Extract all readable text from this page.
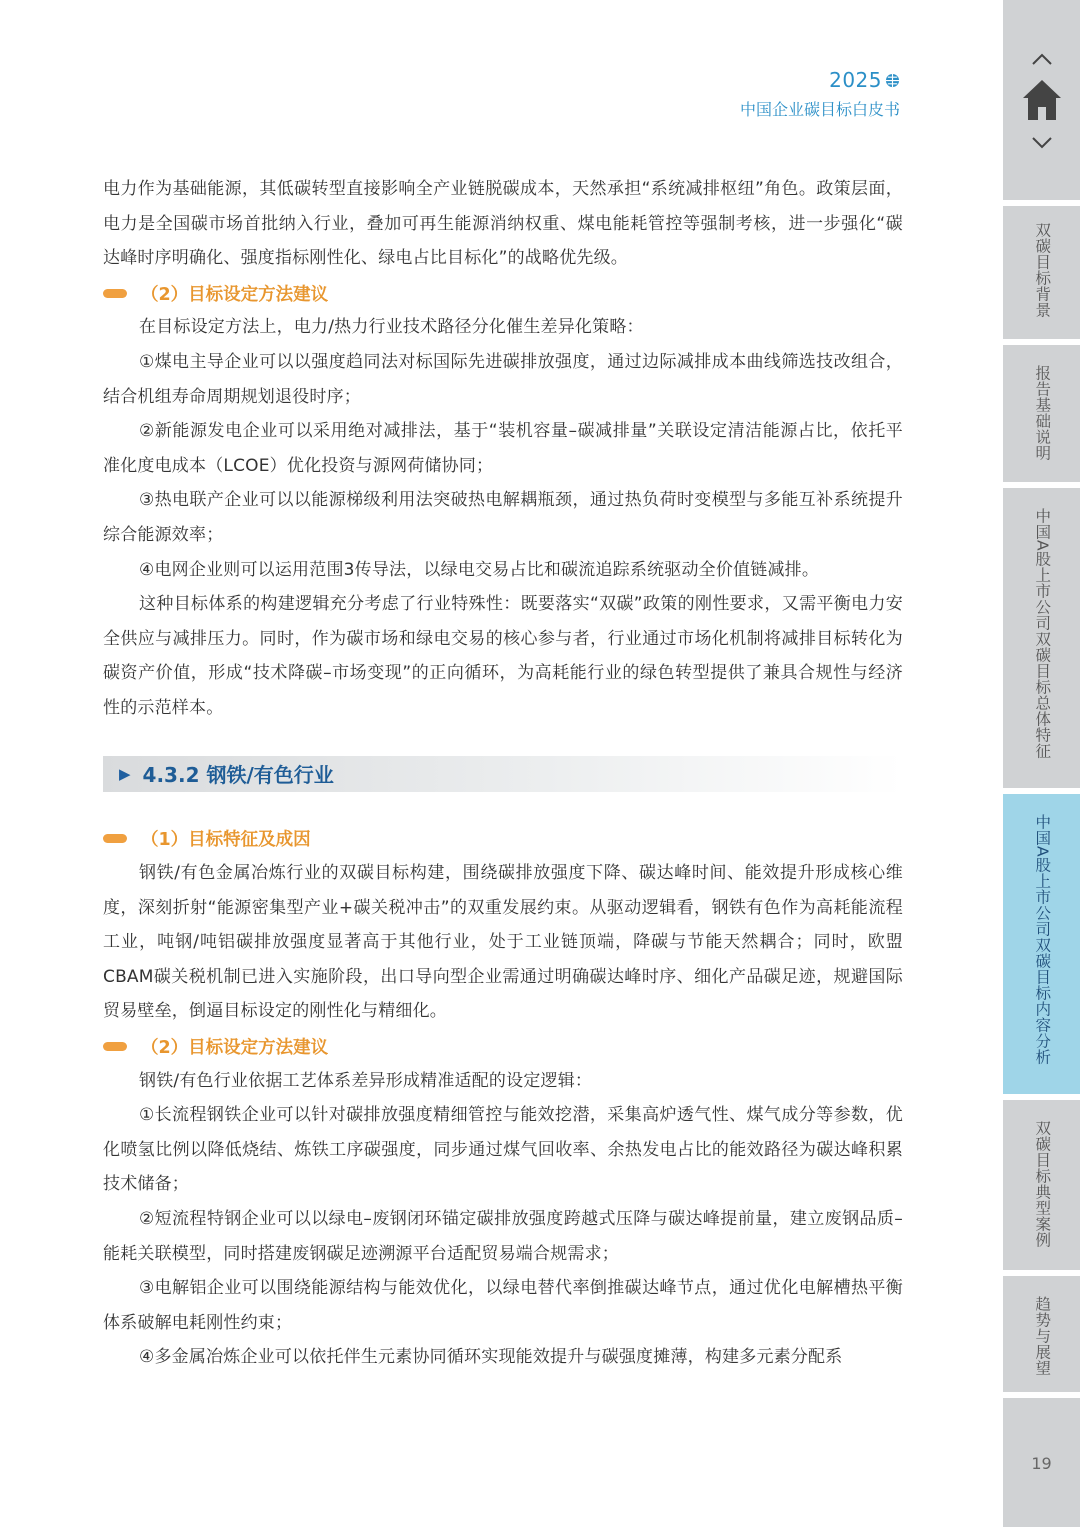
2025
中国企业碳目标白皮书

电力作为基础能源，其低碳转型直接影响全产业链脱碳成本，天然承担“系统减排枢纽”角色。政策层面，电力是全国碳市场首批纳入行业，叠加可再生能源消纳权重、煤电能耗管控等强制考核，进一步强化“碳达峰时序明确化、强度指标刚性化、绿电占比目标化”的战略优先级。

（2）目标设定方法建议

在目标设定方法上，电力/热力行业技术路径分化催生差异化策略：

①煤电主导企业可以以强度趋同法对标国际先进碳排放强度，通过边际减排成本曲线筛选技改组合，结合机组寿命周期规划退役时序；

②新能源发电企业可以采用绝对减排法，基于“装机容量–碳减排量”关联设定清洁能源占比，依托平准化度电成本（LCOE）优化投资与源网荷储协同；

③热电联产企业可以以能源梯级利用法突破热电解耦瓶颈，通过热负荷时变模型与多能互补系统提升综合能源效率；

④电网企业则可以运用范围3传导法，以绿电交易占比和碳流追踪系统驱动全价值链减排。

这种目标体系的构建逻辑充分考虑了行业特殊性：既要落实“双碳”政策的刚性要求，又需平衡电力安全供应与减排压力。同时，作为碳市场和绿电交易的核心参与者，行业通过市场化机制将减排目标转化为碳资产价值，形成“技术降碳–市场变现”的正向循环，为高耗能行业的绿色转型提供了兼具合规性与经济性的示范样本。

▶ 4.3.2 钢铁/有色行业
（1）目标特征及成因

钢铁/有色金属冶炼行业的双碳目标构建，围绕碳排放强度下降、碳达峰时间、能效提升形成核心维度，深刻折射“能源密集型产业+碳关税冲击”的双重发展约束。从驱动逻辑看，钢铁有色作为高耗能流程工业，吨钢/吨铝碳排放强度显著高于其他行业，处于工业链顶端，降碳与节能天然耦合；同时，欧盟CBAM碳关税机制已进入实施阶段，出口导向型企业需通过明确碳达峰时序、细化产品碳足迹，规避国际贸易壁垒，倒逼目标设定的刚性化与精细化。

（2）目标设定方法建议

钢铁/有色行业依据工艺体系差异形成精准适配的设定逻辑：

①长流程钢铁企业可以针对碳排放强度精细管控与能效挖潜，采集高炉透气性、煤气成分等参数，优化喷氢比例以降低烧结、炼铁工序碳强度，同步通过煤气回收率、余热发电占比的能效路径为碳达峰积累技术储备；

②短流程特钢企业可以以绿电–废钢闭环锚定碳排放强度跨越式压降与碳达峰提前量，建立废钢品质–能耗关联模型，同时搭建废钢碳足迹溯源平台适配贸易端合规需求；

③电解铝企业可以围绕能源结构与能效优化，以绿电替代率倒推碳达峰节点，通过优化电解槽热平衡体系破解电耗刚性约束；

④多金属冶炼企业可以依托伴生元素协同循环实现能效提升与碳强度摊薄，构建多元素分配系

双碳目标背景
报告基础说明
中国A股上市公司双碳目标总体特征
中国A股上市公司双碳目标内容分析
双碳目标典型案例
趋势与展望
19
